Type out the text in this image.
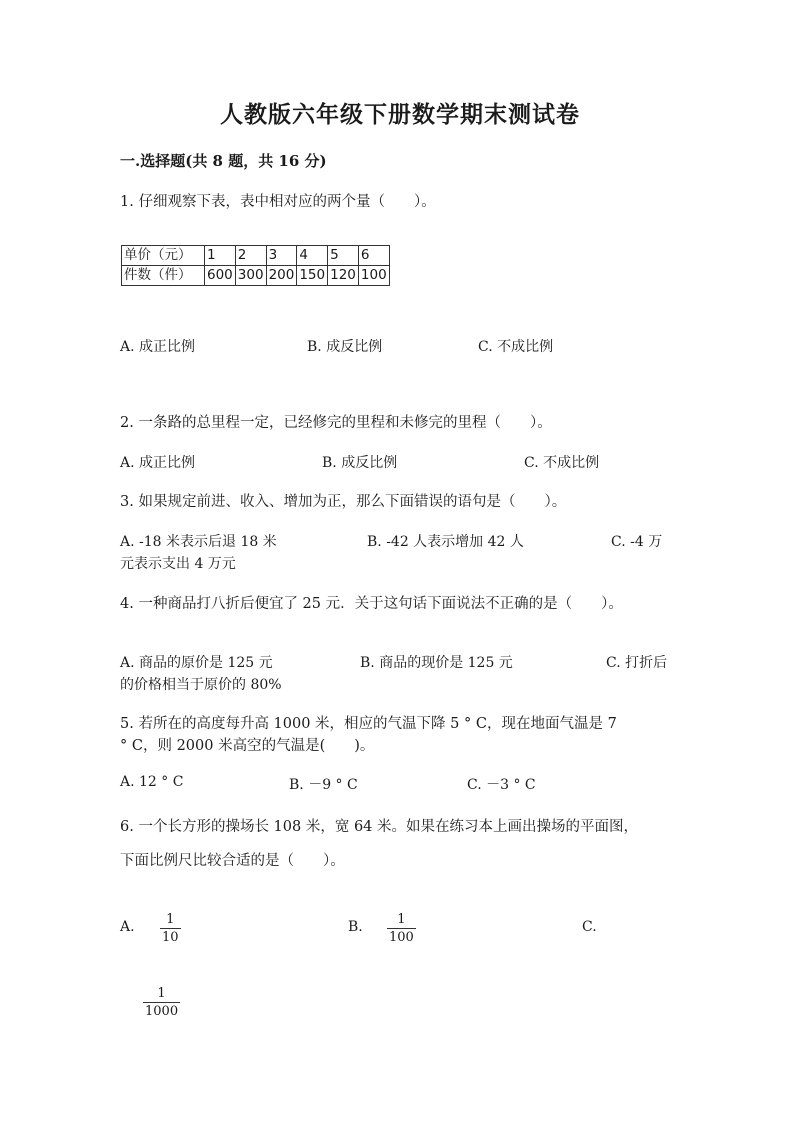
人教版六年级下册数学期末测试卷
一.选择题(共 8 题，共 16 分)
1. 仔细观察下表，表中相对应的两个量（　　）。
单价（元）	1	2	3	4	5	6
件数（件）	600	300	200	150	120	100
A. 成正比例	B. 成反比例	C. 不成比例
2. 一条路的总里程一定，已经修完的里程和未修完的里程（　　）。
A. 成正比例	B. 成反比例	C. 不成比例
3. 如果规定前进、收入、增加为正，那么下面错误的语句是（　　）。
A. -18 米表示后退 18 米	B. -42 人表示增加 42 人	C. -4 万
元表示支出 4 万元
4. 一种商品打八折后便宜了 25 元．关于这句话下面说法不正确的是（　　）。
A. 商品的原价是 125 元	B. 商品的现价是 125 元	C. 打折后
的价格相当于原价的 80%
5. 若所在的高度每升高 1000 米，相应的气温下降 5 ° C，现在地面气温是 7
° C，则 2000 米高空的气温是(　　)。
A. 12 ° C	B. －9 ° C	C. －3 ° C
6. 一个长方形的操场长 108 米，宽 64 米。如果在练习本上画出操场的平面图，
下面比例尺比较合适的是（　　）。
A. 1
10
B.	1
100
C.
1
1000
